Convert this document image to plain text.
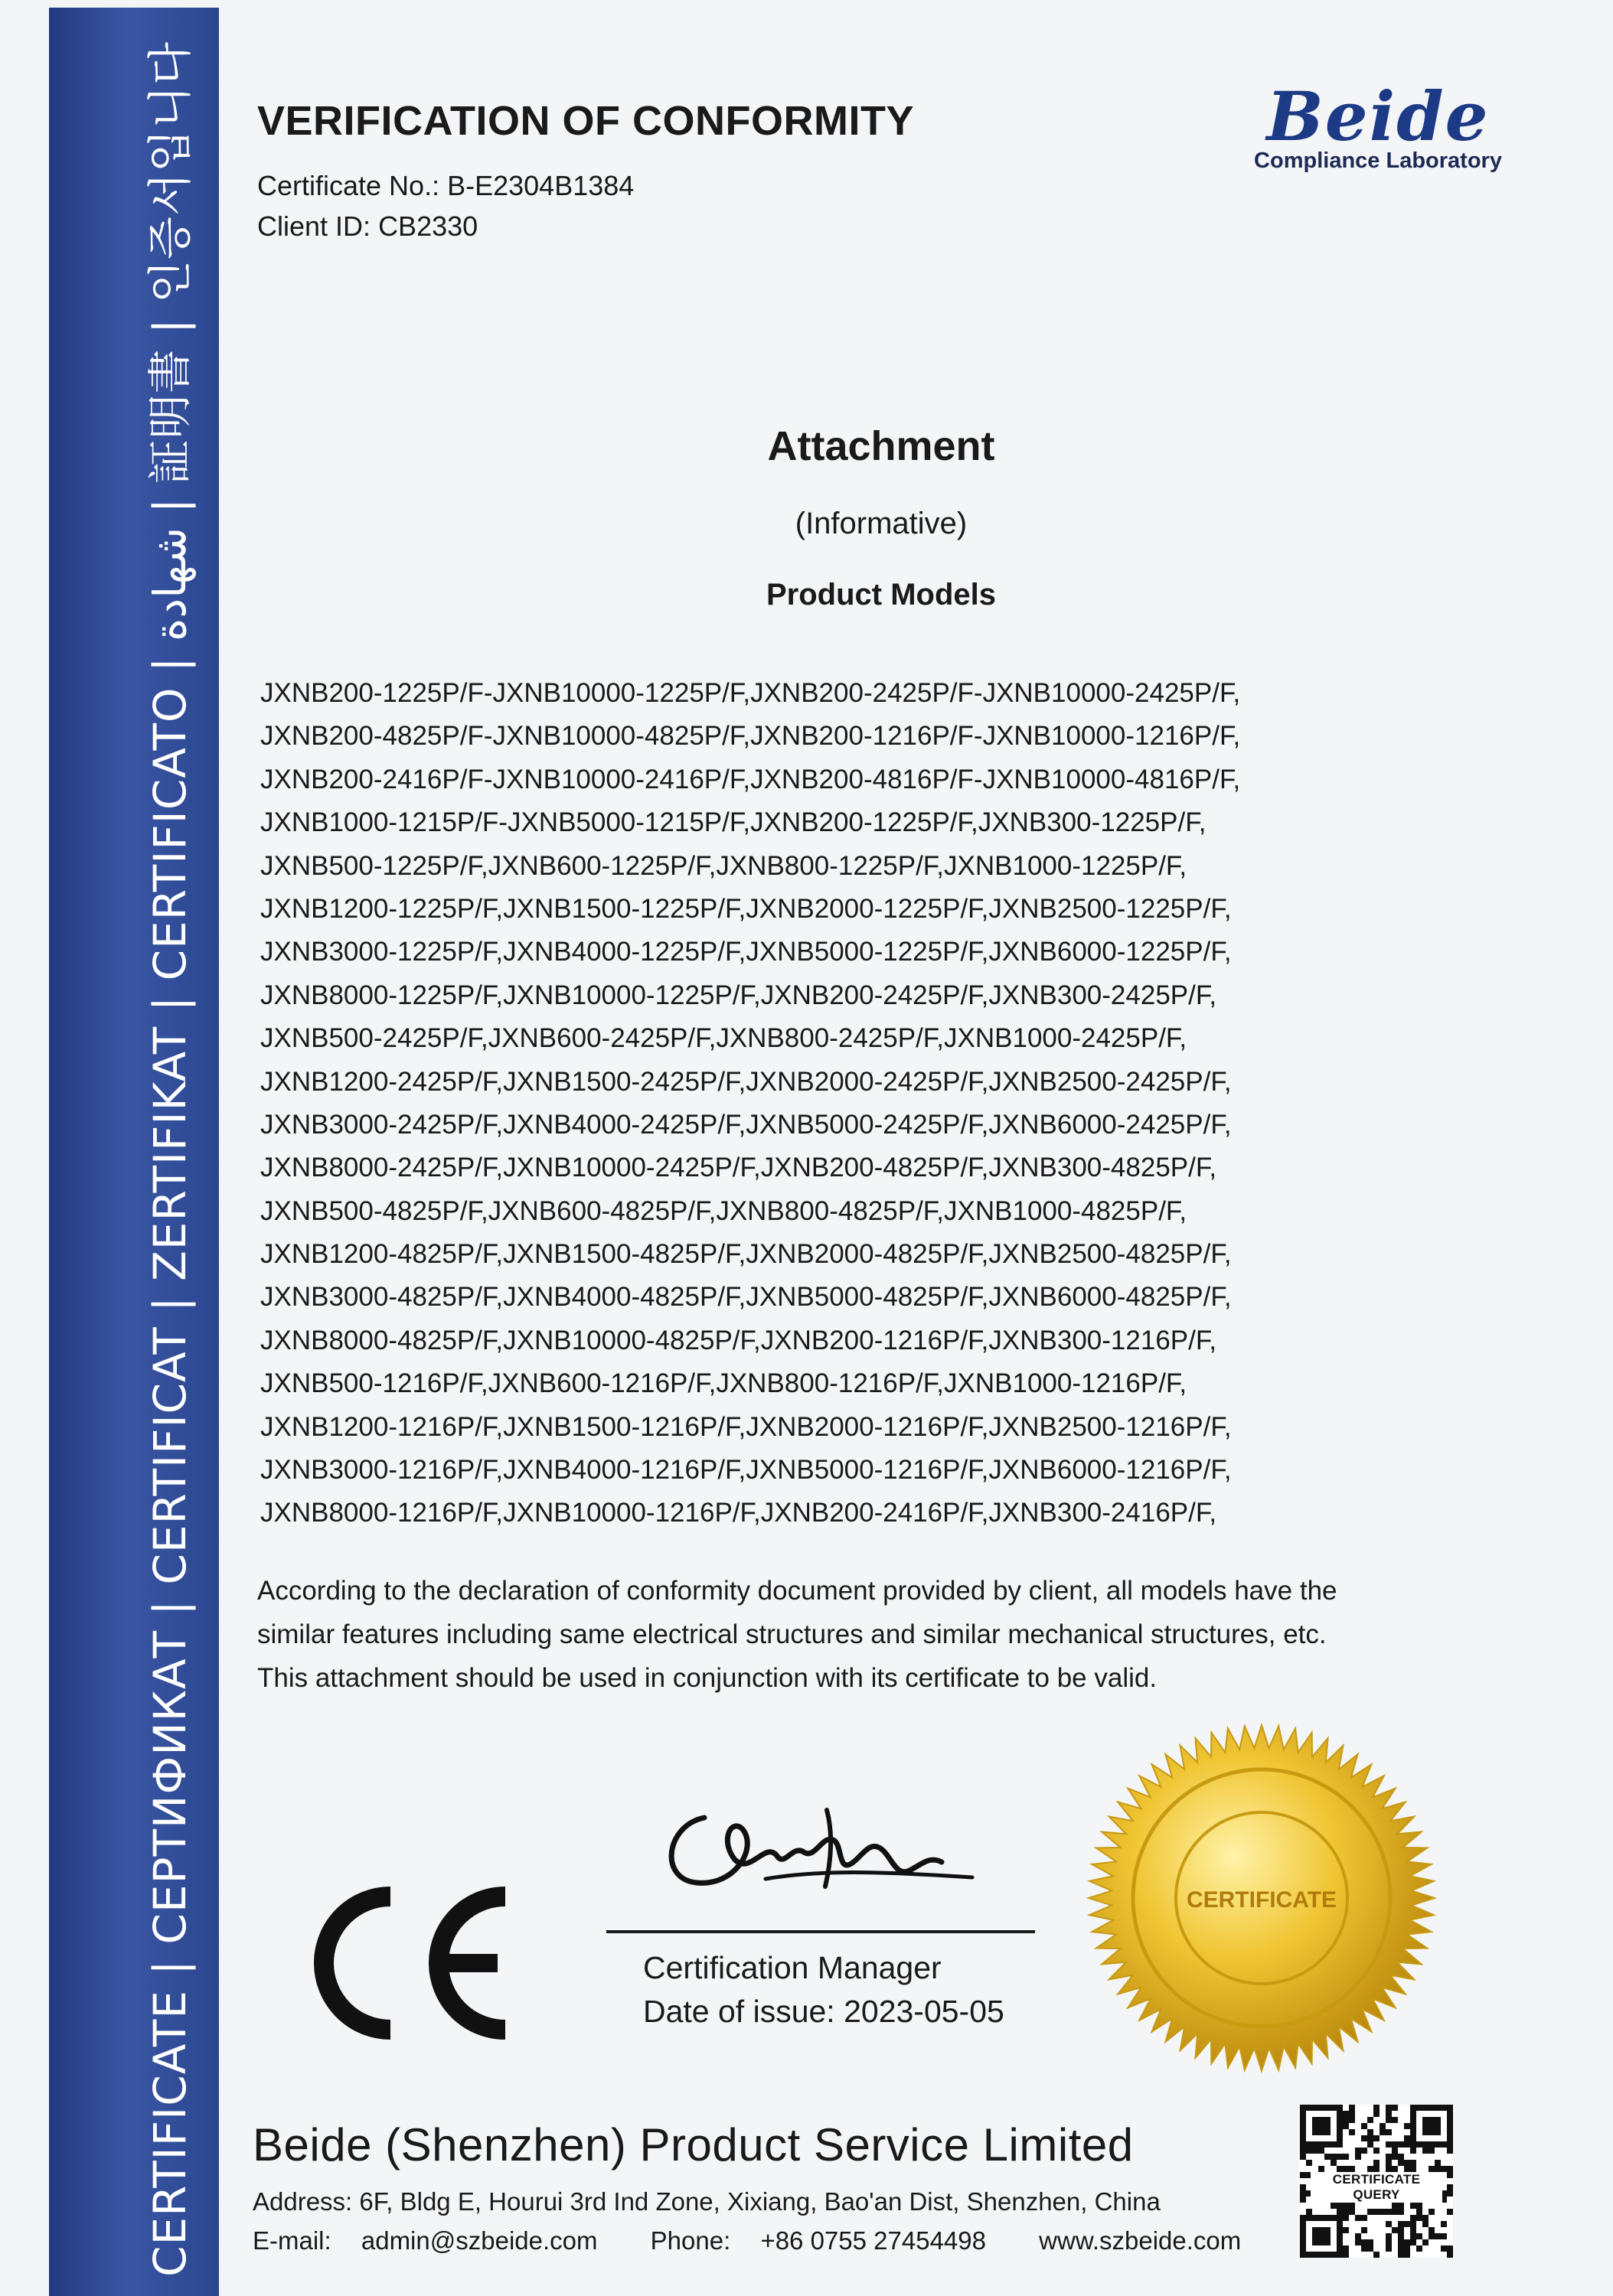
CERTIFICATE | СЕРТИФИКАТ | CERTIFICAT | ZERTIFIKAT | CERTIFICATO | شهادة | 証明書 | 인증서입니다 VERIFICATION OF CONFORMITY
Certificate No.: B-E2304B1384
Client ID: CB2330
Beide
Compliance Laboratory
Attachment
(Informative)
Product Models
JXNB200-1225P/F-JXNB10000-1225P/F,JXNB200-2425P/F-JXNB10000-2425P/F,
JXNB200-4825P/F-JXNB10000-4825P/F,JXNB200-1216P/F-JXNB10000-1216P/F,
JXNB200-2416P/F-JXNB10000-2416P/F,JXNB200-4816P/F-JXNB10000-4816P/F,
JXNB1000-1215P/F-JXNB5000-1215P/F,JXNB200-1225P/F,JXNB300-1225P/F,
JXNB500-1225P/F,JXNB600-1225P/F,JXNB800-1225P/F,JXNB1000-1225P/F,
JXNB1200-1225P/F,JXNB1500-1225P/F,JXNB2000-1225P/F,JXNB2500-1225P/F,
JXNB3000-1225P/F,JXNB4000-1225P/F,JXNB5000-1225P/F,JXNB6000-1225P/F,
JXNB8000-1225P/F,JXNB10000-1225P/F,JXNB200-2425P/F,JXNB300-2425P/F,
JXNB500-2425P/F,JXNB600-2425P/F,JXNB800-2425P/F,JXNB1000-2425P/F,
JXNB1200-2425P/F,JXNB1500-2425P/F,JXNB2000-2425P/F,JXNB2500-2425P/F,
JXNB3000-2425P/F,JXNB4000-2425P/F,JXNB5000-2425P/F,JXNB6000-2425P/F,
JXNB8000-2425P/F,JXNB10000-2425P/F,JXNB200-4825P/F,JXNB300-4825P/F,
JXNB500-4825P/F,JXNB600-4825P/F,JXNB800-4825P/F,JXNB1000-4825P/F,
JXNB1200-4825P/F,JXNB1500-4825P/F,JXNB2000-4825P/F,JXNB2500-4825P/F,
JXNB3000-4825P/F,JXNB4000-4825P/F,JXNB5000-4825P/F,JXNB6000-4825P/F,
JXNB8000-4825P/F,JXNB10000-4825P/F,JXNB200-1216P/F,JXNB300-1216P/F,
JXNB500-1216P/F,JXNB600-1216P/F,JXNB800-1216P/F,JXNB1000-1216P/F,
JXNB1200-1216P/F,JXNB1500-1216P/F,JXNB2000-1216P/F,JXNB2500-1216P/F,
JXNB3000-1216P/F,JXNB4000-1216P/F,JXNB5000-1216P/F,JXNB6000-1216P/F,
JXNB8000-1216P/F,JXNB10000-1216P/F,JXNB200-2416P/F,JXNB300-2416P/F,
According to the declaration of conformity document provided by client, all models have the
similar features including same electrical structures and similar mechanical structures, etc.
This attachment should be used in conjunction with its certificate to be valid.
Certification Manager
Date of issue: 2023-05-05
CERTIFICATE
Beide (Shenzhen) Product Service Limited
Address: 6F, Bldg E, Hourui 3rd Ind Zone, Xixiang, Bao'an Dist, Shenzhen, China
E-mail: admin@szbeide.com Phone: +86 0755 27454498 www.szbeide.com
CERTIFICATE QUERY
